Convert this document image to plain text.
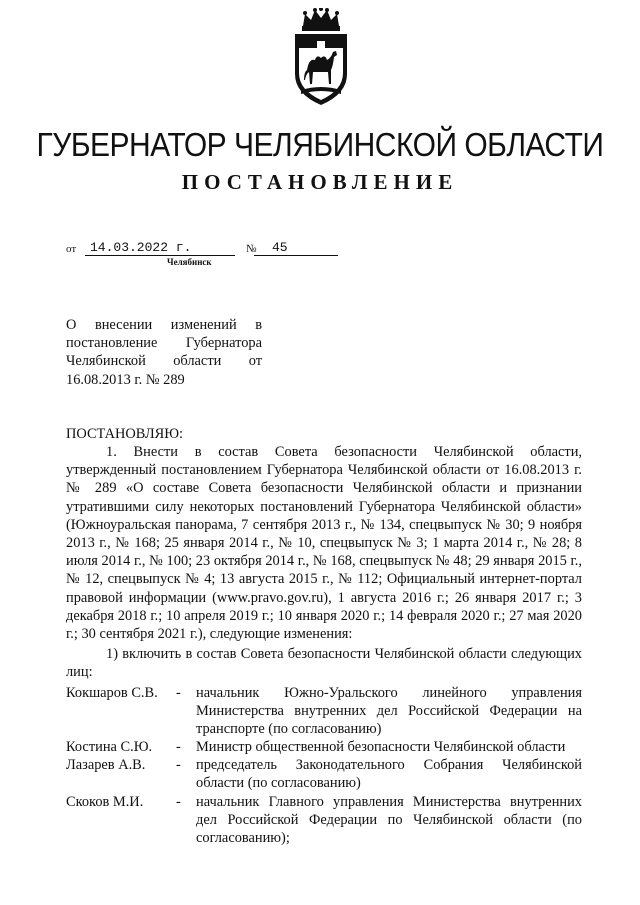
ГУБЕРНАТОР ЧЕЛЯБИНСКОЙ ОБЛАСТИ
ПОСТАНОВЛЕНИЕ
от 14.03.2022 г.	№ 45
Челябинск

О внесении изменений в постановление Губернатора Челябинской области от 16.08.2013 г. № 289

ПОСТАНОВЛЯЮ:

1. Внести в состав Совета безопасности Челябинской области, утвержденный постановлением Губернатора Челябинской области от 16.08.2013 г. № 289 «О составе Совета безопасности Челябинской области и признании утратившими силу некоторых постановлений Губернатора Челябинской области» (Южноуральская панорама, 7 сентября 2013 г., № 134, спецвыпуск № 30; 9 ноября 2013 г., № 168; 25 января 2014 г., № 10, спецвыпуск № 3; 1 марта 2014 г., № 28; 8 июля 2014 г., № 100; 23 октября 2014 г., № 168, спецвыпуск № 48; 29 января 2015 г., № 12, спецвыпуск № 4; 13 августа 2015 г., № 112; Официальный интернет-портал правовой информации (www.pravo.gov.ru), 1 августа 2016 г.; 26 января 2017 г.; 3 декабря 2018 г.; 10 апреля 2019 г.; 10 января 2020 г.; 14 февраля 2020 г.; 27 мая 2020 г.; 30 сентября 2021 г.), следующие изменения:

1) включить в состав Совета безопасности Челябинской области следующих лиц:

Кокшаров С.В. - начальник Южно-Уральского линейного управления Министерства внутренних дел Российской Федерации на транспорте (по согласованию)
Костина С.Ю. - Министр общественной безопасности Челябинской области
Лазарев А.В. - председатель Законодательного Собрания Челябинской области (по согласованию)
Скоков М.И. - начальник Главного управления Министерства внутренних дел Российской Федерации по Челябинской области (по согласованию);
